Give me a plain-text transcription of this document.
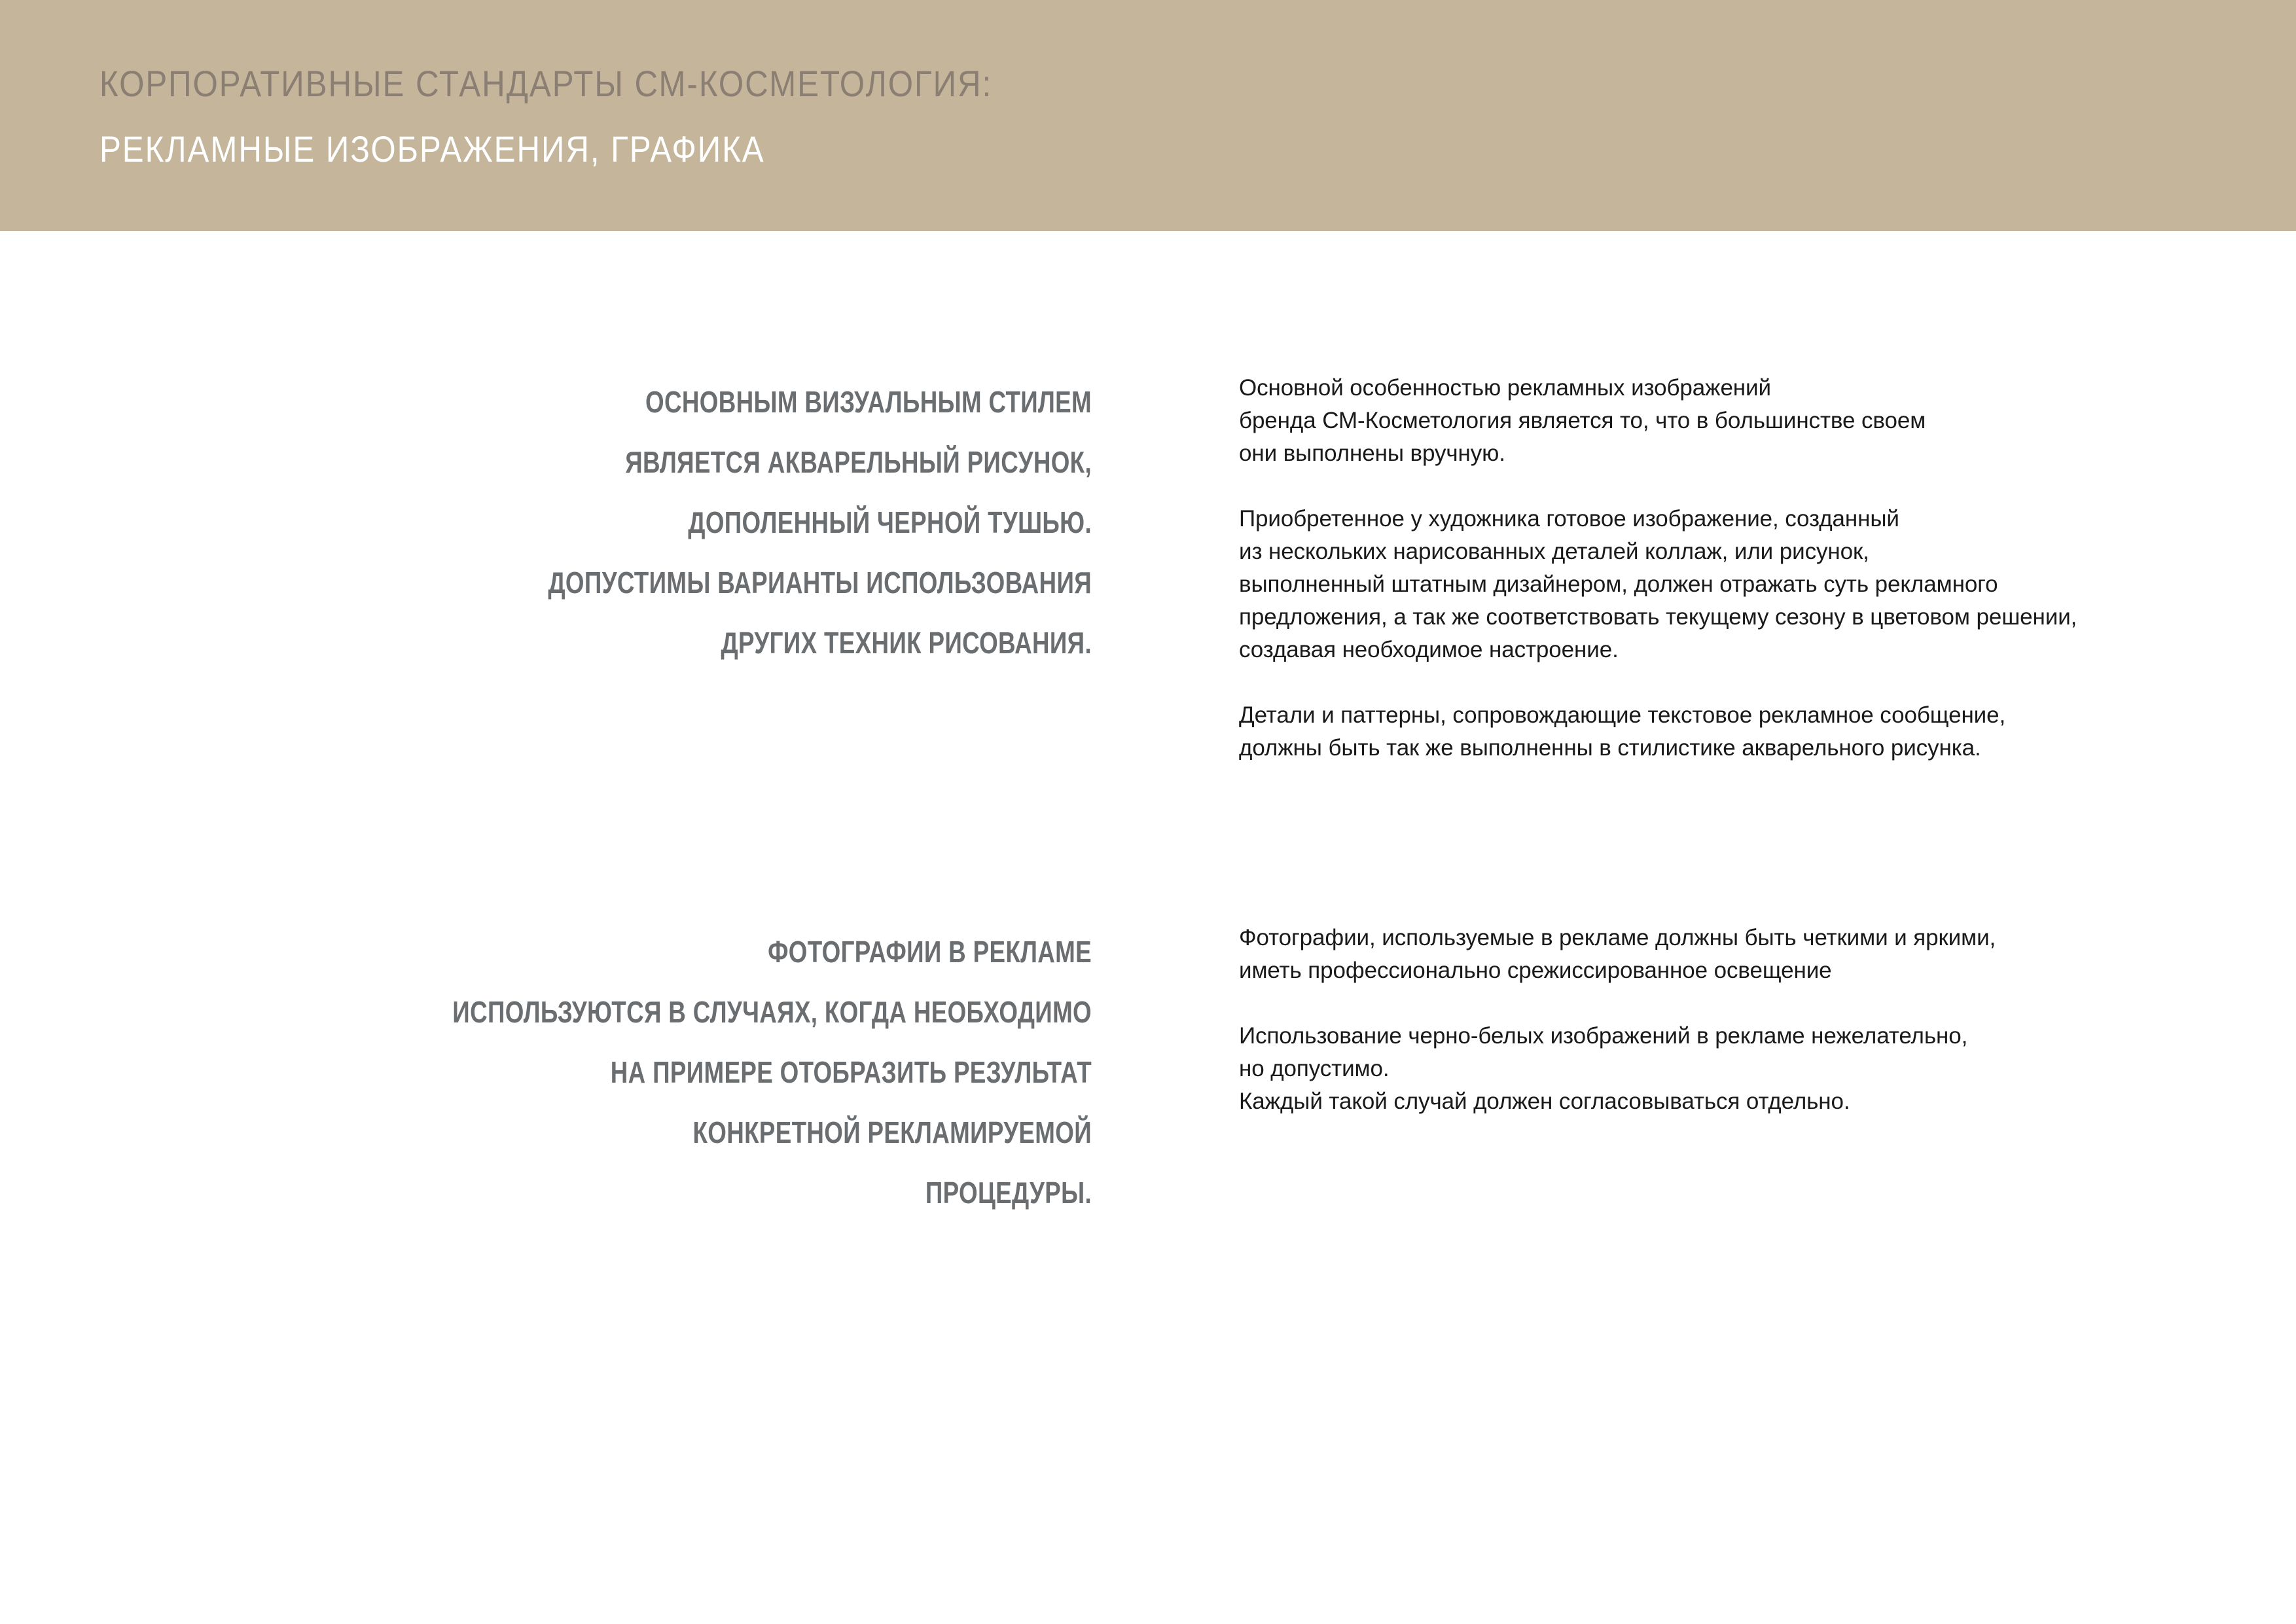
КОРПОРАТИВНЫЕ СТАНДАРТЫ СМ-КОСМЕТОЛОГИЯ:
РЕКЛАМНЫЕ ИЗОБРАЖЕНИЯ, ГРАФИКА
ОСНОВНЫМ ВИЗУАЛЬНЫМ СТИЛЕМ
ЯВЛЯЕТСЯ АКВАРЕЛЬНЫЙ РИСУНОК,
ДОПОЛЕННЫЙ ЧЕРНОЙ ТУШЬЮ.
ДОПУСТИМЫ ВАРИАНТЫ ИСПОЛЬЗОВАНИЯ
ДРУГИХ ТЕХНИК РИСОВАНИЯ.

Основной особенностью рекламных изображений
бренда СМ-Косметология является то, что в большинстве своем
они выполнены вручную.

Приобретенное у художника готовое изображение, созданный
из нескольких нарисованных деталей коллаж, или рисунок,
выполненный штатным дизайнером, должен отражать суть рекламного
предложения, а так же соответствовать текущему сезону в цветовом решении,
создавая необходимое настроение.

Детали и паттерны, сопровождающие текстовое рекламное сообщение,
должны быть так же выполненны в стилистике акварельного рисунка.

ФОТОГРАФИИ В РЕКЛАМЕ
ИСПОЛЬЗУЮТСЯ В СЛУЧАЯХ, КОГДА НЕОБХОДИМО
НА ПРИМЕРЕ ОТОБРАЗИТЬ РЕЗУЛЬТАТ
КОНКРЕТНОЙ РЕКЛАМИРУЕМОЙ
ПРОЦЕДУРЫ.

Фотографии, используемые в рекламе должны быть четкими и яркими,
иметь профессионально срежиссированное освещение

Использование черно-белых изображений в рекламе нежелательно,
но допустимо.
Каждый такой случай должен согласовываться отдельно.
